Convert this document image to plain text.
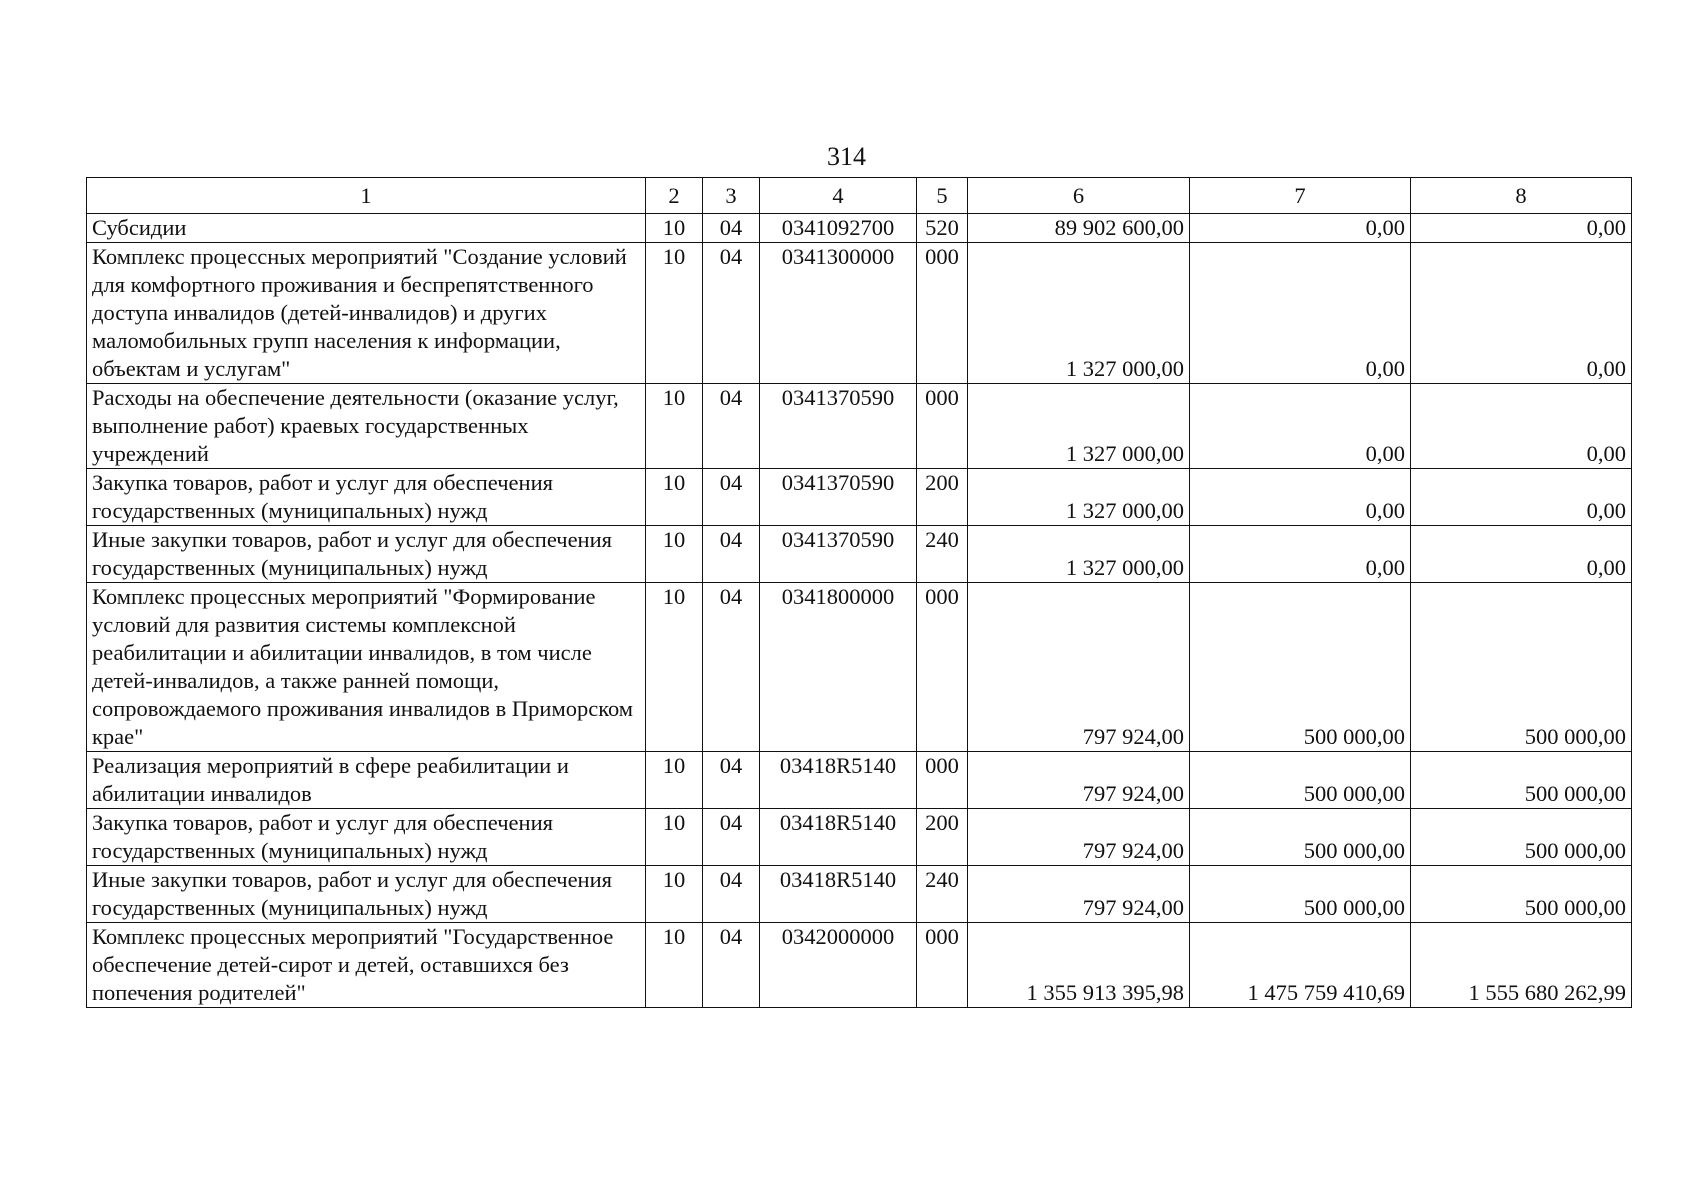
314
1	2	3	4	5	6	7	8
Субсидии	10	04	0341092700	520	89 902 600,00	0,00	0,00
Комплекс процессных мероприятий "Создание условий для комфортного проживания и беспрепятственного доступа инвалидов (детей-инвалидов) и других маломобильных групп населения к информации, объектам и услугам"	10	04	0341300000	000	1 327 000,00	0,00	0,00
Расходы на обеспечение деятельности (оказание услуг, выполнение работ) краевых государственных учреждений	10	04	0341370590	000	1 327 000,00	0,00	0,00
Закупка товаров, работ и услуг для обеспечения государственных (муниципальных) нужд	10	04	0341370590	200	1 327 000,00	0,00	0,00
Иные закупки товаров, работ и услуг для обеспечения государственных (муниципальных) нужд	10	04	0341370590	240	1 327 000,00	0,00	0,00
Комплекс процессных мероприятий "Формирование условий для развития системы комплексной реабилитации и абилитации инвалидов, в том числе детей-инвалидов, а также ранней помощи, сопровождаемого проживания инвалидов в Приморском крае"	10	04	0341800000	000	797 924,00	500 000,00	500 000,00
Реализация мероприятий в сфере реабилитации и абилитации инвалидов	10	04	03418R5140	000	797 924,00	500 000,00	500 000,00
Закупка товаров, работ и услуг для обеспечения государственных (муниципальных) нужд	10	04	03418R5140	200	797 924,00	500 000,00	500 000,00
Иные закупки товаров, работ и услуг для обеспечения государственных (муниципальных) нужд	10	04	03418R5140	240	797 924,00	500 000,00	500 000,00
Комплекс процессных мероприятий "Государственное обеспечение детей-сирот и детей, оставшихся без попечения родителей"	10	04	0342000000	000	1 355 913 395,98	1 475 759 410,69	1 555 680 262,99
